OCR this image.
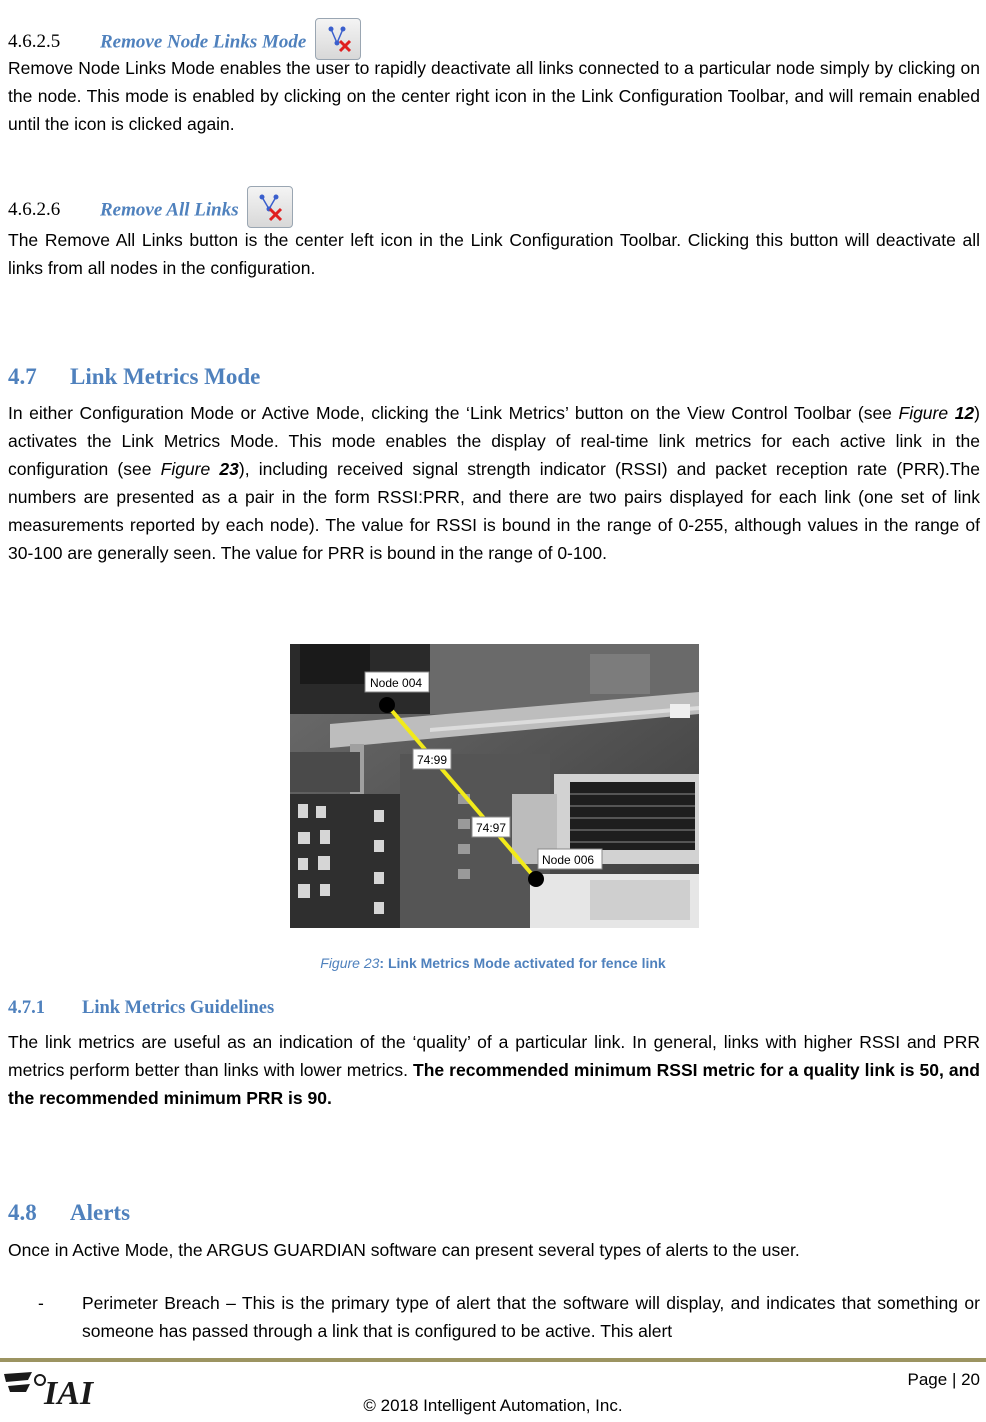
4.6.2.5 Remove Node Links Mode

Remove Node Links Mode enables the user to rapidly deactivate all links connected to a particular node simply by clicking on the node. This mode is enabled by clicking on the center right icon in the Link Configuration Toolbar, and will remain enabled until the icon is clicked again.

4.6.2.6 Remove All Links

The Remove All Links button is the center left icon in the Link Configuration Toolbar. Clicking this button will deactivate all links from all nodes in the configuration.

4.7 Link Metrics Mode

In either Configuration Mode or Active Mode, clicking the ‘Link Metrics’ button on the View Control Toolbar (see Figure 12) activates the Link Metrics Mode. This mode enables the display of real-time link metrics for each active link in the configuration (see Figure 23), including received signal strength indicator (RSSI) and packet reception rate (PRR).The numbers are presented as a pair in the form RSSI:PRR, and there are two pairs displayed for each link (one set of link measurements reported by each node). The value for RSSI is bound in the range of 0-255, although values in the range of 30-100 are generally seen. The value for PRR is bound in the range of 0-100.

Node 004
Node 006
74:99
74:97
Figure 23: Link Metrics Mode activated for fence link
4.7.1 Link Metrics Guidelines

The link metrics are useful as an indication of the ‘quality’ of a particular link. In general, links with higher RSSI and PRR metrics perform better than links with lower metrics. The recommended minimum RSSI metric for a quality link is 50, and the recommended minimum PRR is 90.

4.8 Alerts

Once in Active Mode, the ARGUS GUARDIAN software can present several types of alerts to the user.

- Perimeter Breach – This is the primary type of alert that the software will display, and indicates that something or someone has passed through a link that is configured to be active. This alert

IAI	Page | 20
© 2018 Intelligent Automation, Inc.
